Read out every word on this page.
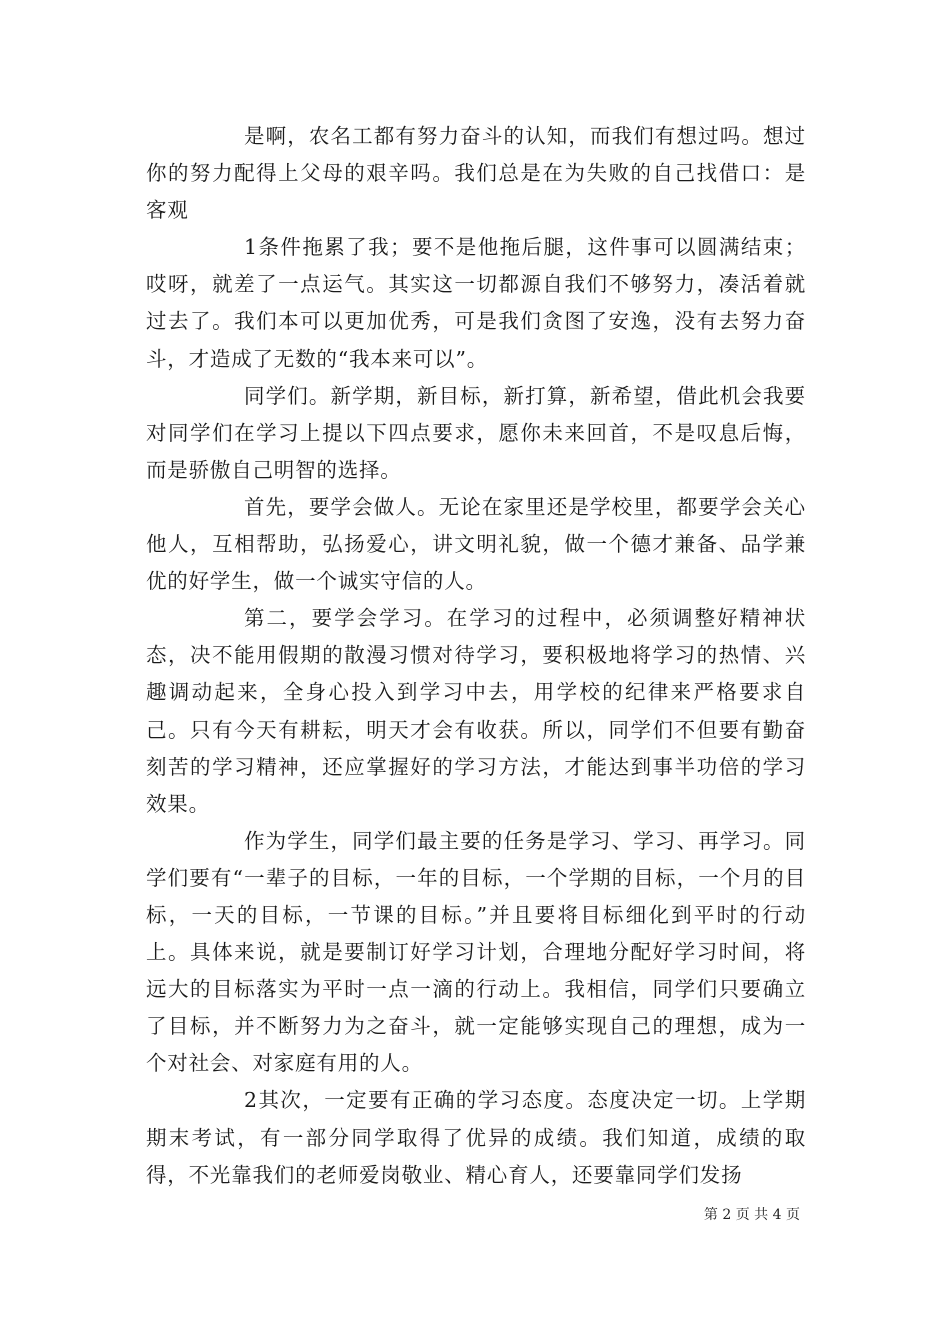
是啊，农名工都有努力奋斗的认知，而我们有想过吗。想过你的努力配得上父母的艰辛吗。我们总是在为失败的自己找借口：是客观

1条件拖累了我；要不是他拖后腿，这件事可以圆满结束；哎呀，就差了一点运气。其实这一切都源自我们不够努力，凑活着就过去了。我们本可以更加优秀，可是我们贪图了安逸，没有去努力奋斗，才造成了无数的“我本来可以”。

同学们。新学期，新目标，新打算，新希望，借此机会我要对同学们在学习上提以下四点要求，愿你未来回首，不是叹息后悔，而是骄傲自己明智的选择。

首先，要学会做人。无论在家里还是学校里，都要学会关心他人，互相帮助，弘扬爱心，讲文明礼貌，做一个德才兼备、品学兼优的好学生，做一个诚实守信的人。

第二，要学会学习。在学习的过程中，必须调整好精神状态，决不能用假期的散漫习惯对待学习，要积极地将学习的热情、兴趣调动起来，全身心投入到学习中去，用学校的纪律来严格要求自己。只有今天有耕耘，明天才会有收获。所以，同学们不但要有勤奋刻苦的学习精神，还应掌握好的学习方法，才能达到事半功倍的学习效果。

作为学生，同学们最主要的任务是学习、学习、再学习。同学们要有“一辈子的目标，一年的目标，一个学期的目标，一个月的目标，一天的目标，一节课的目标。”并且要将目标细化到平时的行动上。具体来说，就是要制订好学习计划，合理地分配好学习时间，将远大的目标落实为平时一点一滴的行动上。我相信，同学们只要确立了目标，并不断努力为之奋斗，就一定能够实现自己的理想，成为一个对社会、对家庭有用的人。

2其次，一定要有正确的学习态度。态度决定一切。上学期期末考试，有一部分同学取得了优异的成绩。我们知道，成绩的取得，不光靠我们的老师爱岗敬业、精心育人，还要靠同学们发扬

第 2 页 共 4 页
